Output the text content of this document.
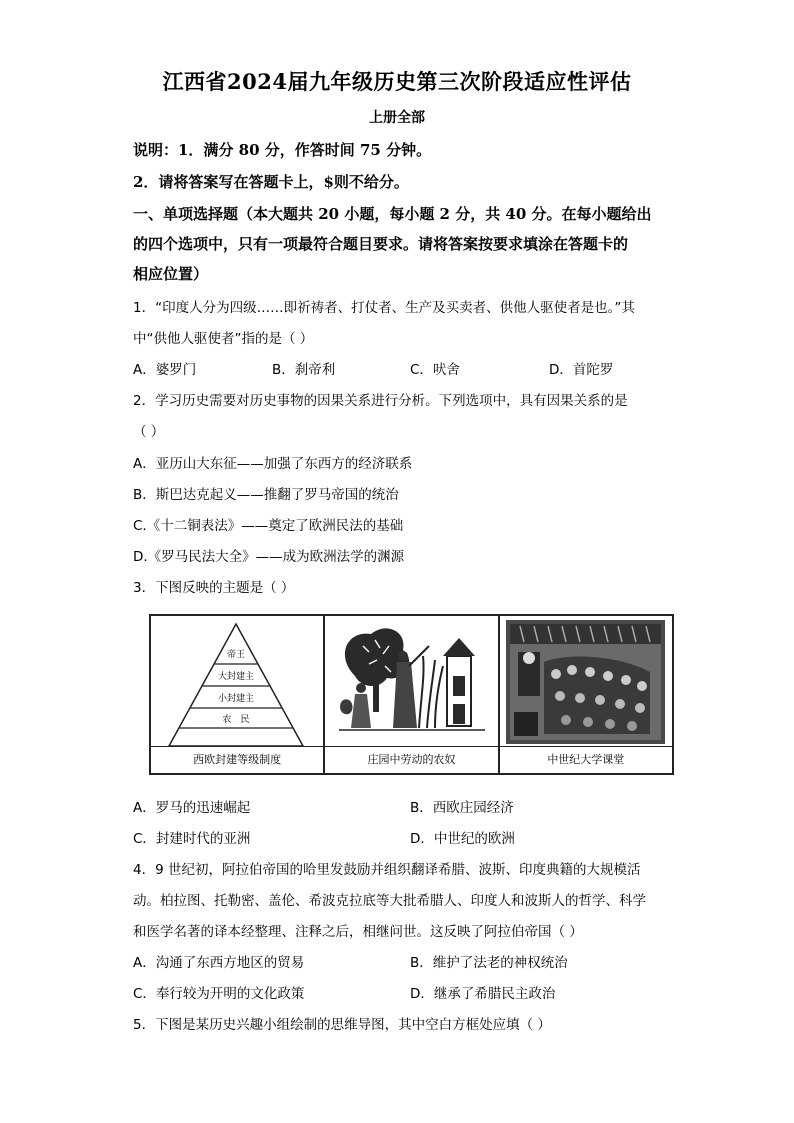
江西省2024届九年级历史第三次阶段适应性评估
上册全部
说明：1．满分 80 分，作答时间 75 分钟。
2．请将答案写在答题卡上，$则不给分。
一、单项选择题（本大题共 20 小题，每小题 2 分，共 40 分。在每小题给出
的四个选项中，只有一项最符合题目要求。请将答案按要求填涂在答题卡的
相应位置）
1．“印度人分为四级……即祈祷者、打仗者、生产及买卖者、供他人驱使者是也。”其
中“供他人驱使者”指的是（ ）
A．婆罗门	B．刹帝利	C．吠舍	D．首陀罗
2．学习历史需要对历史事物的因果关系进行分析。下列选项中，具有因果关系的是
（ ）
A．亚历山大东征——加强了东西方的经济联系
B．斯巴达克起义——推翻了罗马帝国的统治
C.《十二铜表法》——奠定了欧洲民法的基础
D.《罗马民法大全》——成为欧洲法学的渊源
3．下图反映的主题是（ ）
帝王
大封建主
小封建主
农　民
西欧封建等级制度	庄园中劳动的农奴	中世纪大学课堂
A．罗马的迅速崛起	B．西欧庄园经济
C．封建时代的亚洲	D．中世纪的欧洲
4．9 世纪初，阿拉伯帝国的哈里发鼓励并组织翻译希腊、波斯、印度典籍的大规模活
动。柏拉图、托勒密、盖伦、希波克拉底等大批希腊人、印度人和波斯人的哲学、科学
和医学名著的译本经整理、注释之后，相继问世。这反映了阿拉伯帝国（ ）
A．沟通了东西方地区的贸易	B．维护了法老的神权统治
C．奉行较为开明的文化政策	D．继承了希腊民主政治
5．下图是某历史兴趣小组绘制的思维导图，其中空白方框处应填（ ）
